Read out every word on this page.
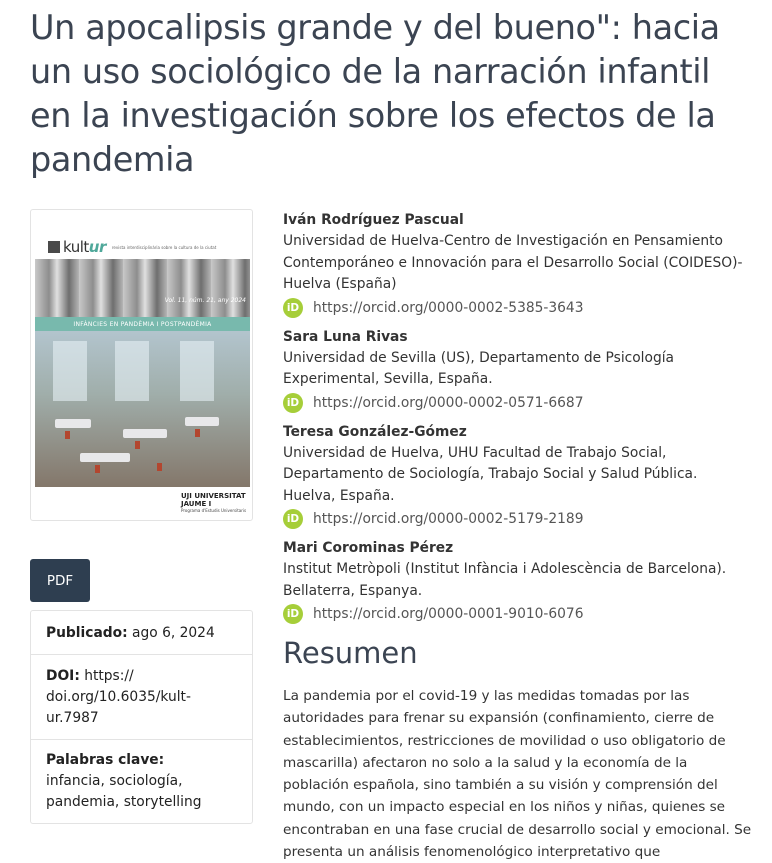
Un apocalipsis grande y del bueno": hacia un uso sociológico de la narración infantil en la investigación sobre los efectos de la pandemia
kultur revista interdisciplinària sobre la cultura de la ciutat
Vol. 11, núm. 21, any 2024
INFÀNCIES EN PANDÈMIA I POSTPANDÈMIA
UJI UNIVERSITAT JAUME I
Programa d'Estudis Universitaris
PDF
Publicado: ago 6, 2024
DOI: https://
doi.org/10.6035/kult-
ur.7987
Palabras clave:
infancia, sociología,
pandemia, storytelling
Iván Rodríguez Pascual
Universidad de Huelva-Centro de Investigación en Pensamiento Contemporáneo e Innovación para el Desarrollo Social (COIDESO)-Huelva (España)
iD https://orcid.org/0000-0002-5385-3643
Sara Luna Rivas
Universidad de Sevilla (US), Departamento de Psicología Experimental, Sevilla, España.
iD https://orcid.org/0000-0002-0571-6687
Teresa González-Gómez
Universidad de Huelva, UHU Facultad de Trabajo Social, Departamento de Sociología, Trabajo Social y Salud Pública. Huelva, España.
iD https://orcid.org/0000-0002-5179-2189
Mari Corominas Pérez
Institut Metròpoli (Institut Infància i Adolescència de Barcelona). Bellaterra, Espanya.
iD https://orcid.org/0000-0001-9010-6076
Resumen

La pandemia por el covid-19 y las medidas tomadas por las autoridades para frenar su expansión (confinamiento, cierre de establecimientos, restricciones de movilidad o uso obligatorio de mascarilla) afectaron no solo a la salud y la economía de la población española, sino también a su visión y comprensión del mundo, con un impacto especial en los niños y niñas, quienes se encontraban en una fase crucial de desarrollo social y emocional. Se presenta un análisis fenomenológico interpretativo que
